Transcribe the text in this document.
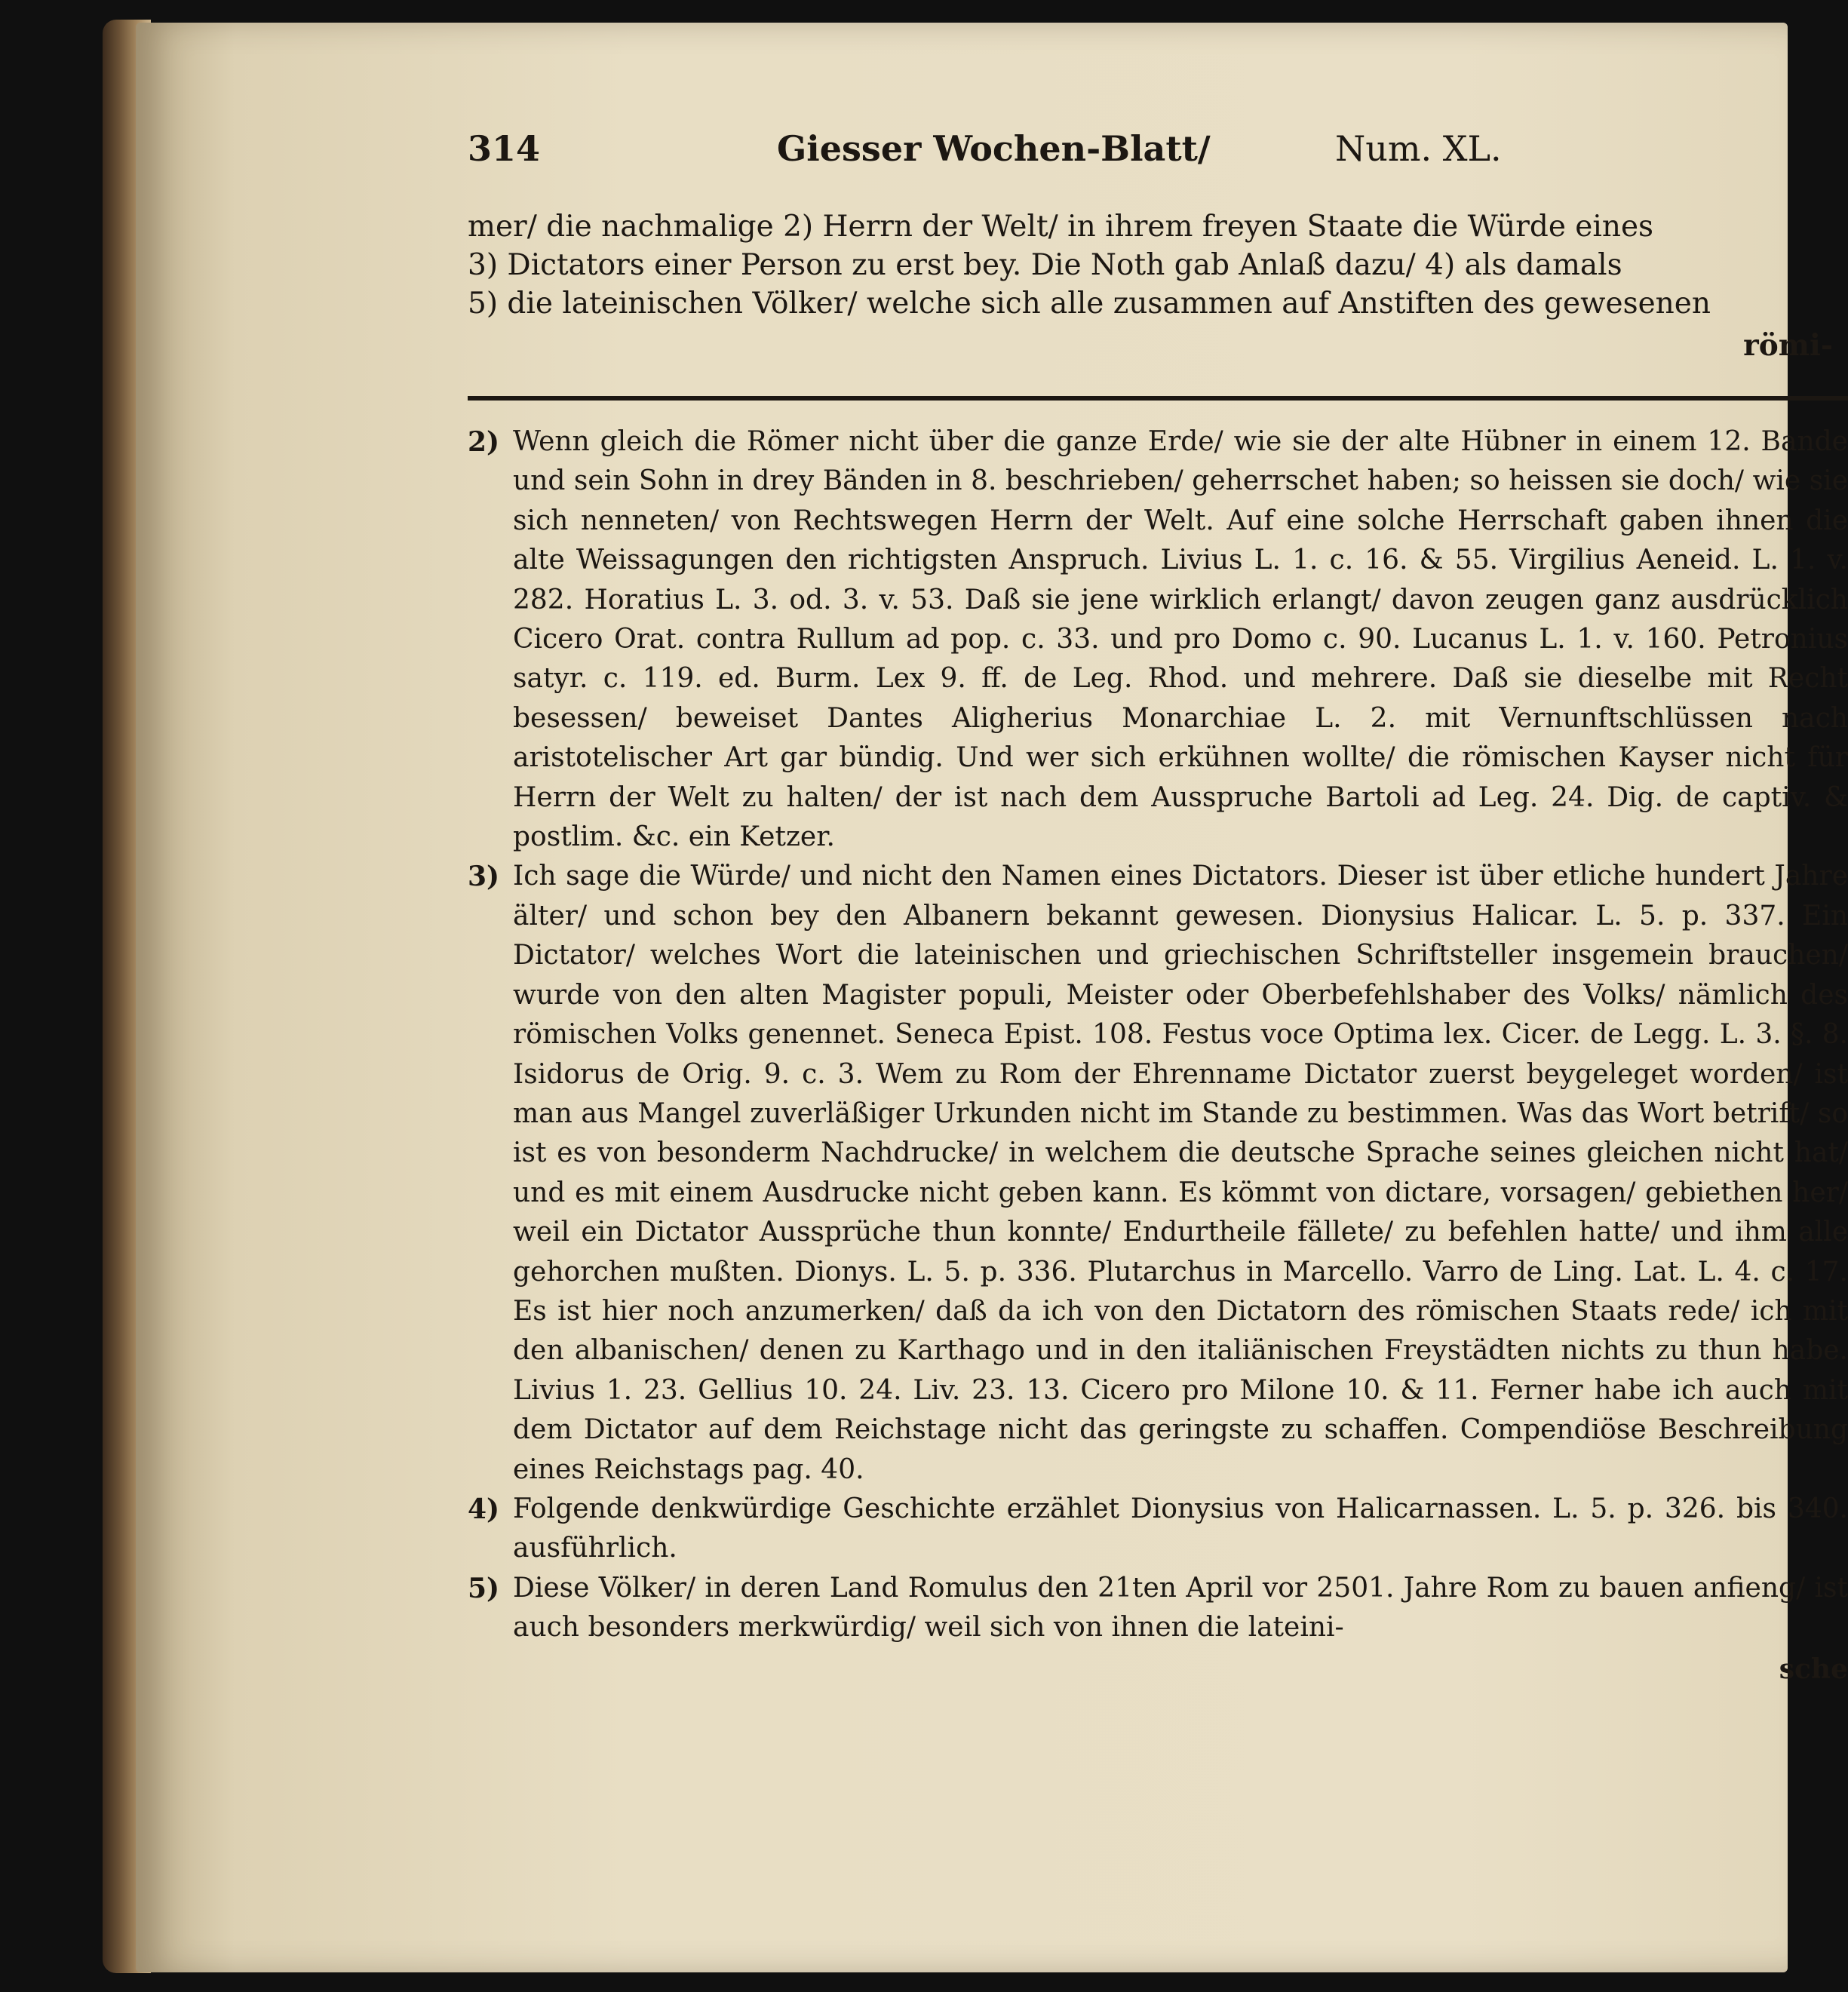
314	Giesser Wochen-Blatt/	Num. XL.

mer/ die nachmalige 2) Herrn der Welt/ in ihrem freyen Staate die Würde eines

3) Dictators einer Person zu erst bey. Die Noth gab Anlaß dazu/ 4) als damals

5) die lateinischen Völker/ welche sich alle zusammen auf Anstiften des gewesenen

römi-
2) Wenn gleich die Römer nicht über die ganze Erde/ wie sie der alte Hübner in einem 12. Bande und sein Sohn in drey Bänden in 8. beschrieben/ geherrschet haben; so heissen sie doch/ wie sie sich nenneten/ von Rechtswegen Herrn der Welt. Auf eine solche Herrschaft gaben ihnen die alte Weissagungen den richtigsten Anspruch. Livius L. 1. c. 16. & 55. Virgilius Aeneid. L. 1. v. 282. Horatius L. 3. od. 3. v. 53. Daß sie jene wirklich erlangt/ davon zeugen ganz ausdrücklich Cicero Orat. contra Rullum ad pop. c. 33. und pro Domo c. 90. Lucanus L. 1. v. 160. Petronius satyr. c. 119. ed. Burm. Lex 9. ff. de Leg. Rhod. und mehrere. Daß sie dieselbe mit Recht besessen/ beweiset Dantes Aligherius Monarchiae L. 2. mit Vernunftschlüssen nach aristotelischer Art gar bündig. Und wer sich erkühnen wollte/ die römischen Kayser nicht für Herrn der Welt zu halten/ der ist nach dem Ausspruche Bartoli ad Leg. 24. Dig. de captiv. & postlim. &c. ein Ketzer.
3) Ich sage die Würde/ und nicht den Namen eines Dictators. Dieser ist über etliche hundert Jahre älter/ und schon bey den Albanern bekannt gewesen. Dionysius Halicar. L. 5. p. 337. Ein Dictator/ welches Wort die lateinischen und griechischen Schriftsteller insgemein brauchen/ wurde von den alten Magister populi, Meister oder Oberbefehlshaber des Volks/ nämlich des römischen Volks genennet. Seneca Epist. 108. Festus voce Optima lex. Cicer. de Legg. L. 3. §. 8. Isidorus de Orig. 9. c. 3. Wem zu Rom der Ehrenname Dictator zuerst beygeleget worden/ ist man aus Mangel zuverläßiger Urkunden nicht im Stande zu bestimmen. Was das Wort betrift/ so ist es von besonderm Nachdrucke/ in welchem die deutsche Sprache seines gleichen nicht hat/ und es mit einem Ausdrucke nicht geben kann. Es kömmt von dictare, vorsagen/ gebiethen her/ weil ein Dictator Aussprüche thun konnte/ Endurtheile fällete/ zu befehlen hatte/ und ihm alle gehorchen mußten. Dionys. L. 5. p. 336. Plutarchus in Marcello. Varro de Ling. Lat. L. 4. c. 17. Es ist hier noch anzumerken/ daß da ich von den Dictatorn des römischen Staats rede/ ich mit den albanischen/ denen zu Karthago und in den italiänischen Freystädten nichts zu thun habe. Livius 1. 23. Gellius 10. 24. Liv. 23. 13. Cicero pro Milone 10. & 11. Ferner habe ich auch mit dem Dictator auf dem Reichstage nicht das geringste zu schaffen. Compendiöse Beschreibung eines Reichstags pag. 40.
4) Folgende denkwürdige Geschichte erzählet Dionysius von Halicarnassen. L. 5. p. 326. bis 340. ausführlich.
5) Diese Völker/ in deren Land Romulus den 21ten April vor 2501. Jahre Rom zu bauen anfieng/ ist auch besonders merkwürdig/ weil sich von ihnen die lateini-
sche
